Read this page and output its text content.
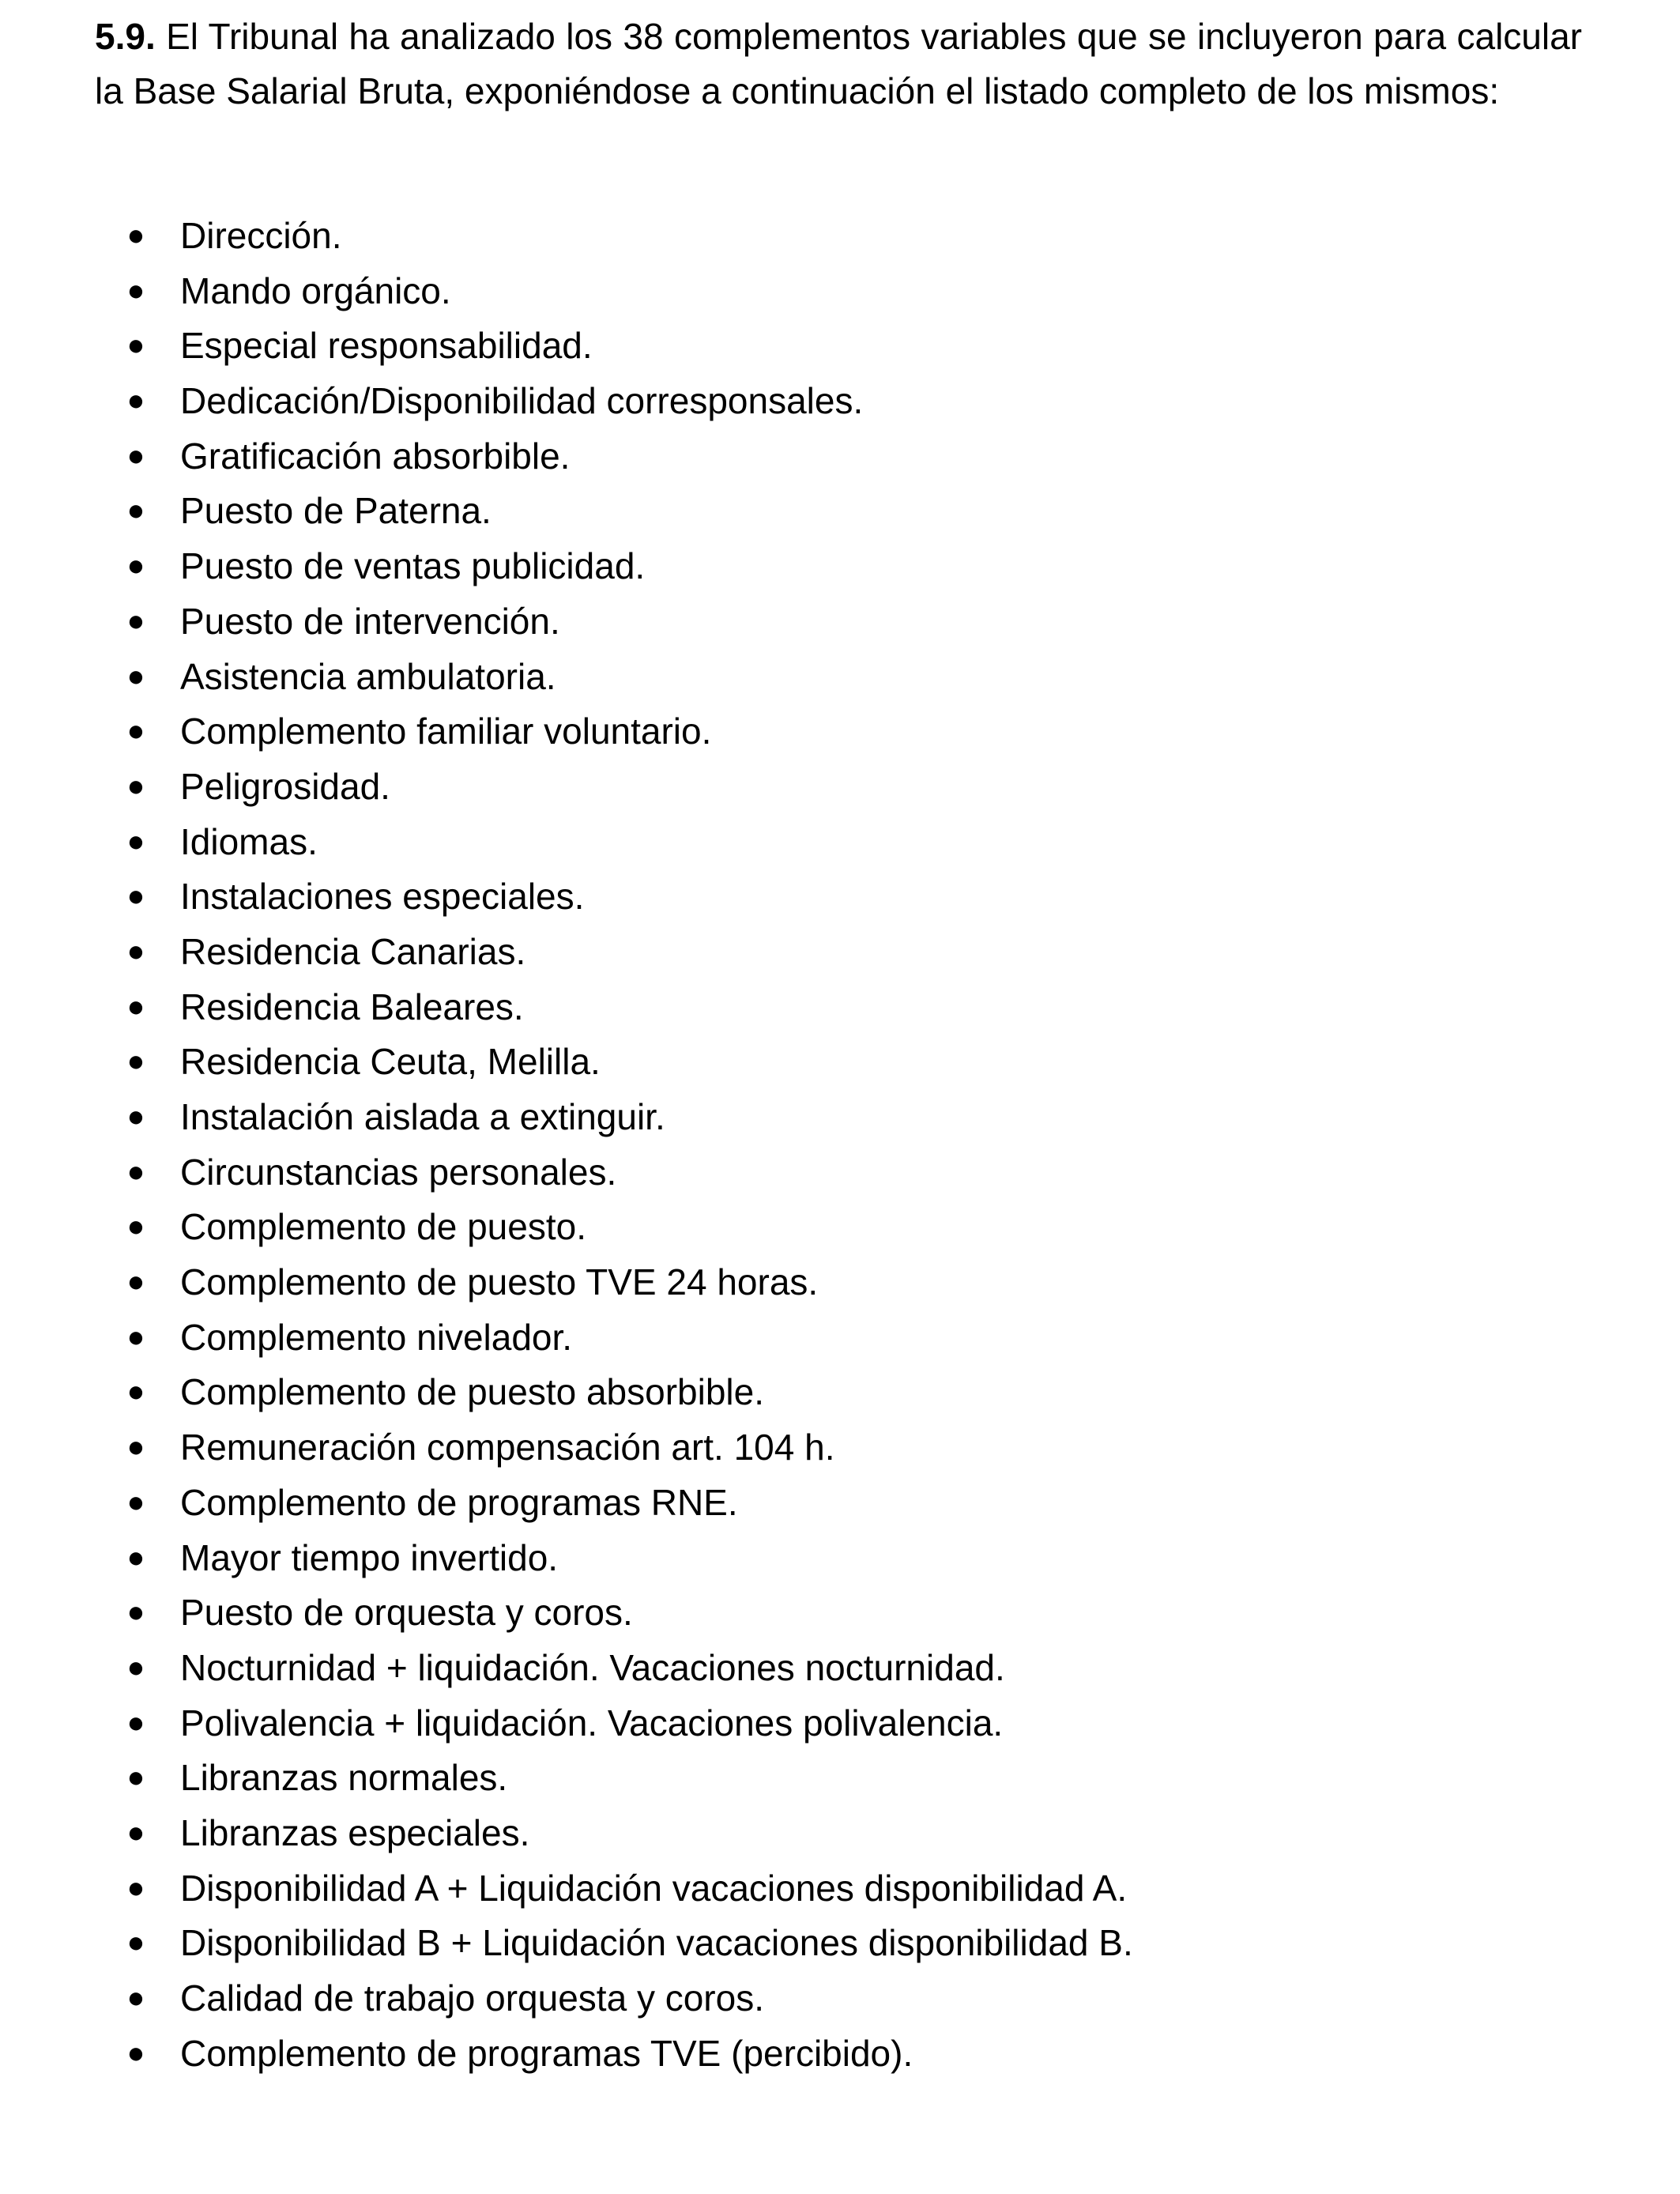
5.9. El Tribunal ha analizado los 38 complementos variables que se incluyeron para calcular la Base Salarial Bruta, exponiéndose a continuación el listado completo de los mismos:

● Dirección.
● Mando orgánico.
● Especial responsabilidad.
● Dedicación/Disponibilidad corresponsales.
● Gratificación absorbible.
● Puesto de Paterna.
● Puesto de ventas publicidad.
● Puesto de intervención.
● Asistencia ambulatoria.
● Complemento familiar voluntario.
● Peligrosidad.
● Idiomas.
● Instalaciones especiales.
● Residencia Canarias.
● Residencia Baleares.
● Residencia Ceuta, Melilla.
● Instalación aislada a extinguir.
● Circunstancias personales.
● Complemento de puesto.
● Complemento de puesto TVE 24 horas.
● Complemento nivelador.
● Complemento de puesto absorbible.
● Remuneración compensación art. 104 h.
● Complemento de programas RNE.
● Mayor tiempo invertido.
● Puesto de orquesta y coros.
● Nocturnidad + liquidación. Vacaciones nocturnidad.
● Polivalencia + liquidación. Vacaciones polivalencia.
● Libranzas normales.
● Libranzas especiales.
● Disponibilidad A + Liquidación vacaciones disponibilidad A.
● Disponibilidad B + Liquidación vacaciones disponibilidad B.
● Calidad de trabajo orquesta y coros.
● Complemento de programas TVE (percibido).
